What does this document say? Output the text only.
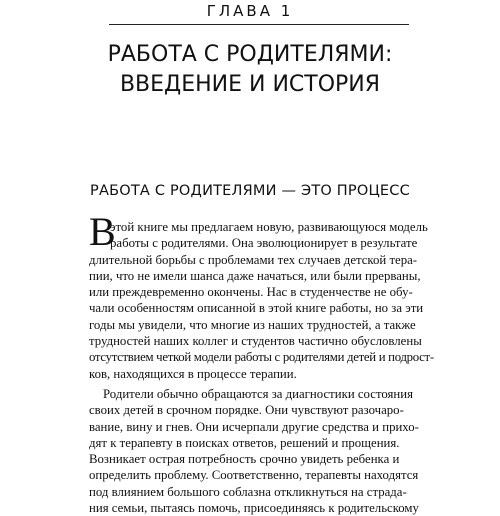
ГЛАВА 1
РАБОТА С РОДИТЕЛЯМИ:
ВВЕДЕНИЕ И ИСТОРИЯ
РАБОТА С РОДИТЕЛЯМИ — ЭТО ПРОЦЕСС
В
этой книге мы предлагаем новую, развивающуюся модель
работы с родителями. Она эволюционирует в результате
длительной борьбы с проблемами тех случаев детской тера-
пии, что не имели шанса даже начаться, или были прерваны,
или преждевременно окончены. Нас в студенчестве не обу-
чали особенностям описанной в этой книге работы, но за эти
годы мы увидели, что многие из наших трудностей, а также
трудностей наших коллег и студентов частично обусловлены
отсутствием четкой модели работы с родителями детей и подрост-
ков, находящихся в процессе терапии.
Родители обычно обращаются за диагностики состояния
своих детей в срочном порядке. Они чувствуют разочаро-
вание, вину и гнев. Они исчерпали другие средства и прихо-
дят к терапевту в поисках ответов, решений и прощения.
Возникает острая потребность срочно увидеть ребенка и
определить проблему. Соответственно, терапевты находятся
под влиянием большого соблазна откликнуться на страда-
ния семьи, пытаясь помочь, присоединяясь к родительскому
